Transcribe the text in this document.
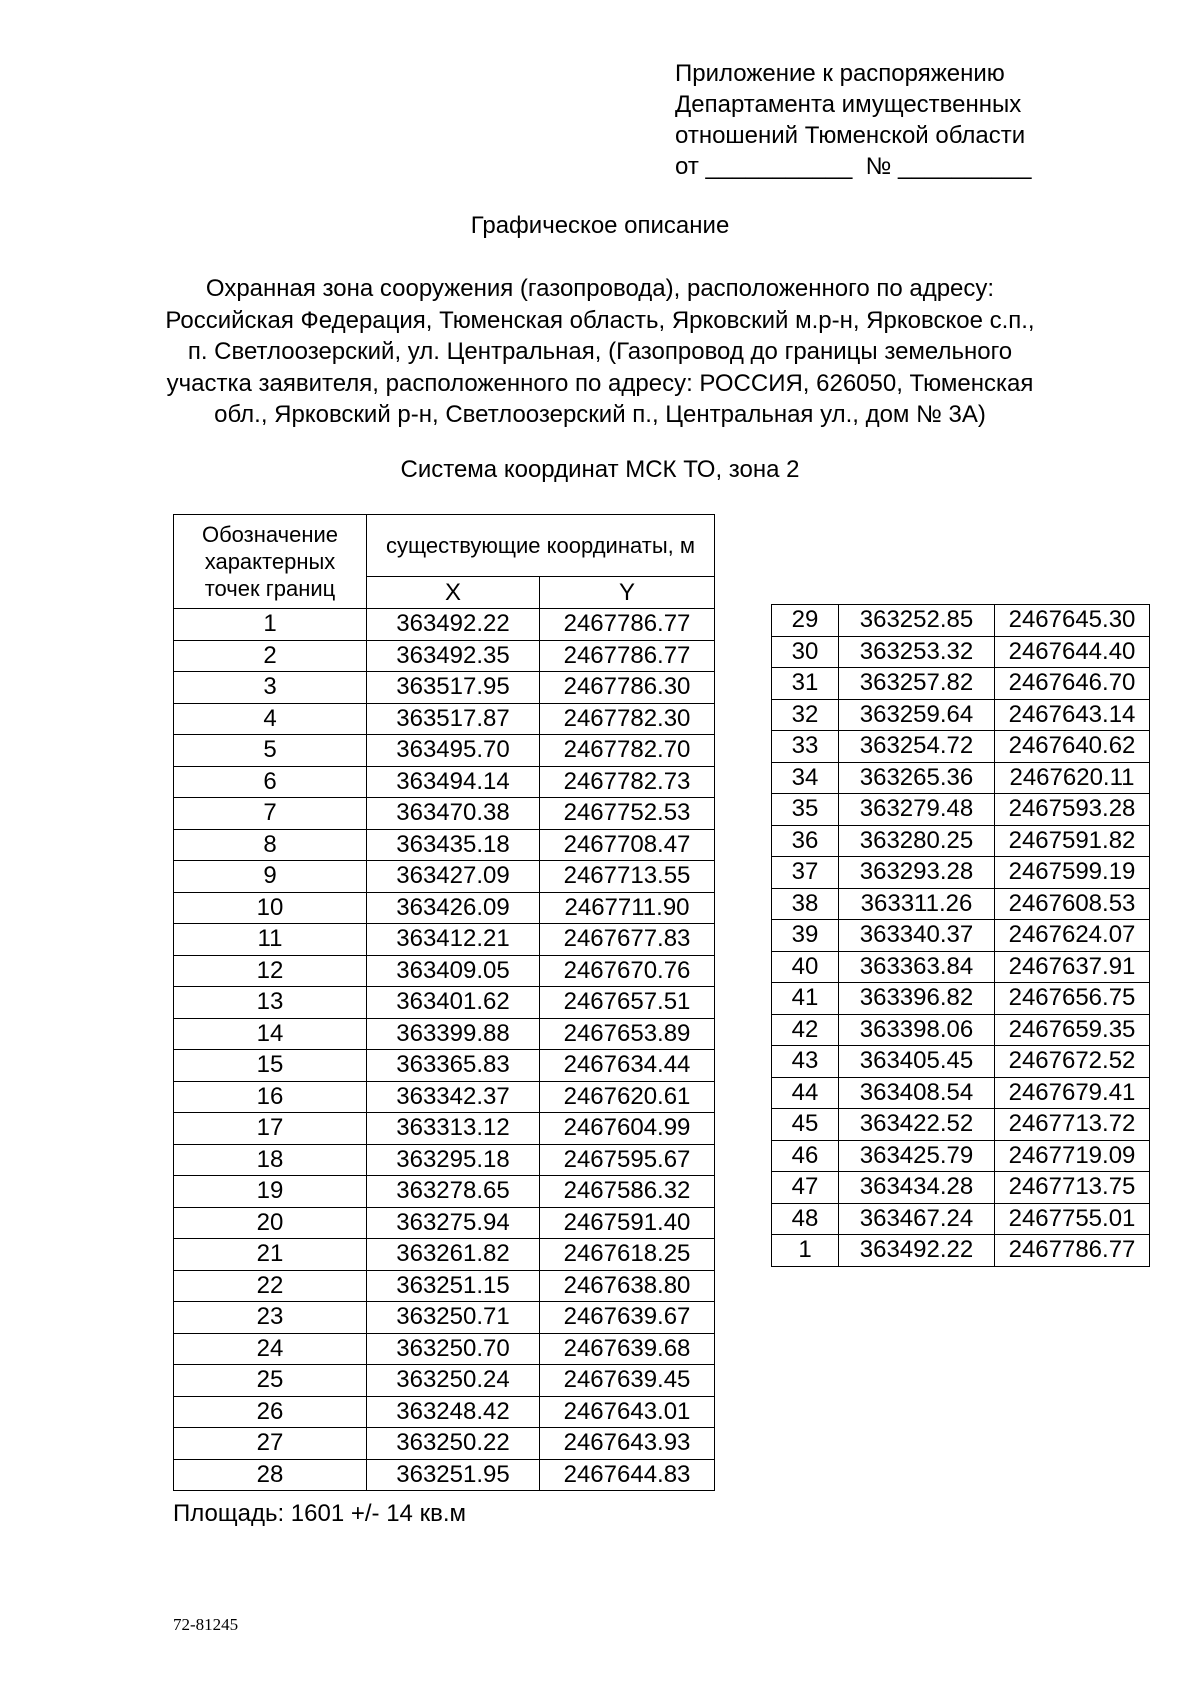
Приложение к распоряжению
Департамента имущественных
отношений Тюменской области
от ___________  № __________
Графическое описание
Охранная зона сооружения (газопровода), расположенного по адресу:
Российская Федерация, Тюменская область, Ярковский м.р-н, Ярковское с.п.,
п. Светлоозерский, ул. Центральная, (Газопровод до границы земельного
участка заявителя, расположенного по адресу: РОССИЯ, 626050, Тюменская
обл., Ярковский р-н, Светлоозерский п., Центральная ул., дом № 3А)
Система координат МСК ТО, зона 2
Обозначение характерных точек границ	существующие координаты, м	
	X	Y
1	363492.22	2467786.77
2	363492.35	2467786.77
3	363517.95	2467786.30
4	363517.87	2467782.30
5	363495.70	2467782.70
6	363494.14	2467782.73
7	363470.38	2467752.53
8	363435.18	2467708.47
9	363427.09	2467713.55
10	363426.09	2467711.90
11	363412.21	2467677.83
12	363409.05	2467670.76
13	363401.62	2467657.51
14	363399.88	2467653.89
15	363365.83	2467634.44
16	363342.37	2467620.61
17	363313.12	2467604.99
18	363295.18	2467595.67
19	363278.65	2467586.32
20	363275.94	2467591.40
21	363261.82	2467618.25
22	363251.15	2467638.80
23	363250.71	2467639.67
24	363250.70	2467639.68
25	363250.24	2467639.45
26	363248.42	2467643.01
27	363250.22	2467643.93
28	363251.95	2467644.83
29	363252.85	2467645.30
30	363253.32	2467644.40
31	363257.82	2467646.70
32	363259.64	2467643.14
33	363254.72	2467640.62
34	363265.36	2467620.11
35	363279.48	2467593.28
36	363280.25	2467591.82
37	363293.28	2467599.19
38	363311.26	2467608.53
39	363340.37	2467624.07
40	363363.84	2467637.91
41	363396.82	2467656.75
42	363398.06	2467659.35
43	363405.45	2467672.52
44	363408.54	2467679.41
45	363422.52	2467713.72
46	363425.79	2467719.09
47	363434.28	2467713.75
48	363467.24	2467755.01
1	363492.22	2467786.77
Площадь: 1601 +/- 14 кв.м
72-81245
